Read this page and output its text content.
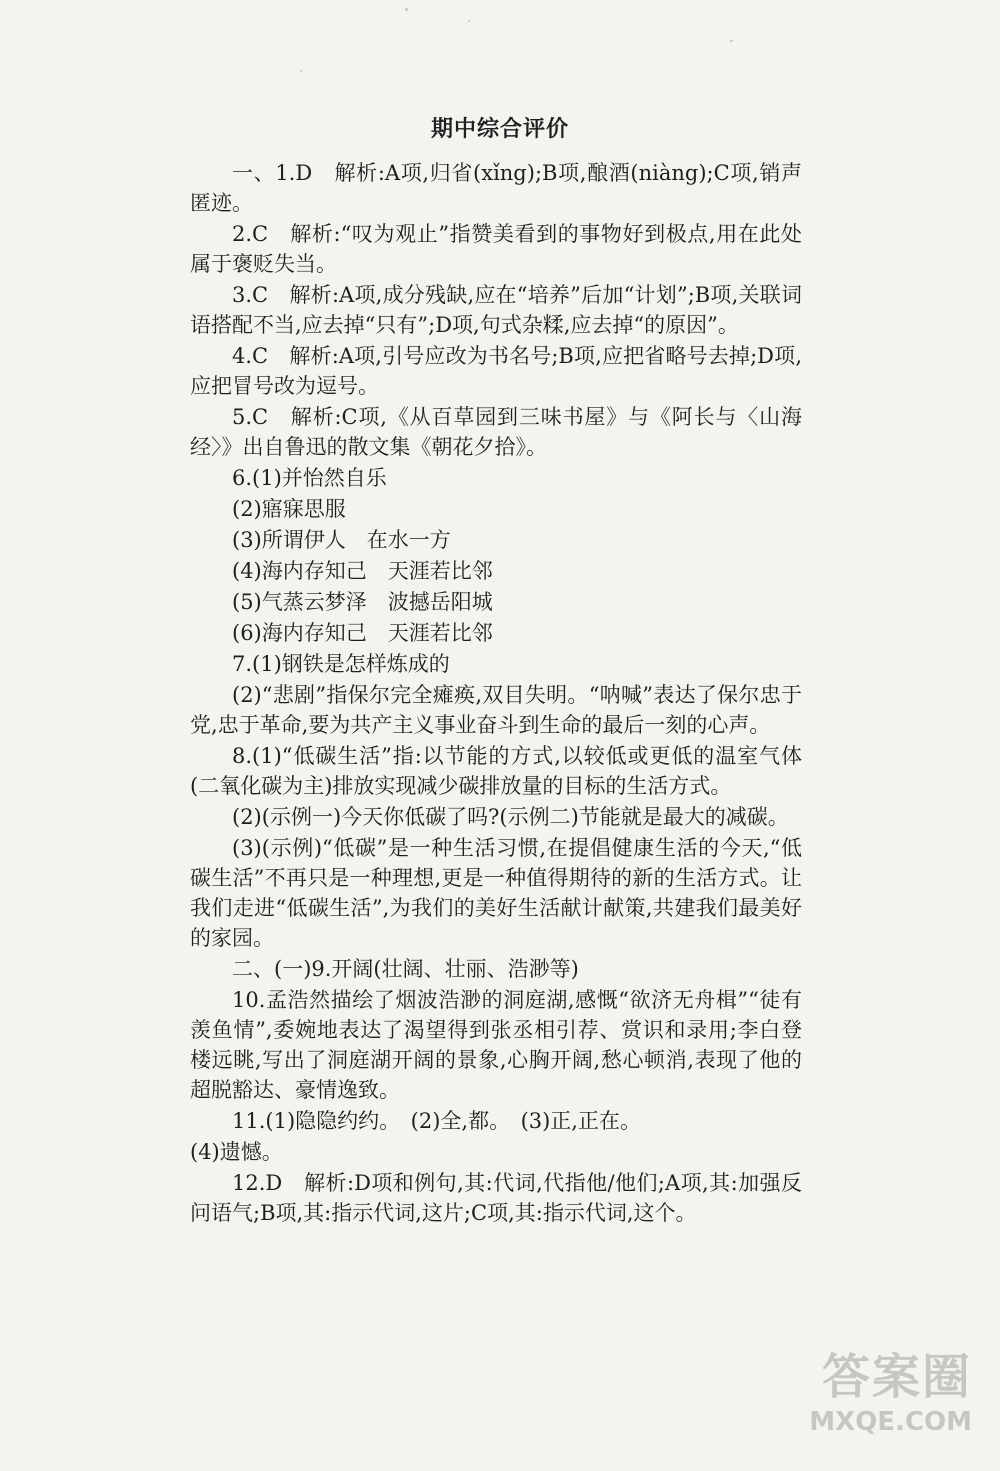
期中综合评价

一、1.D　解析:A项,归省(xǐng);B项,酿酒(niàng);C项,销声匿迹。

2.C　解析:“叹为观止”指赞美看到的事物好到极点,用在此处属于褒贬失当。

3.C　解析:A项,成分残缺,应在“培养”后加“计划”;B项,关联词语搭配不当,应去掉“只有”;D项,句式杂糅,应去掉“的原因”。

4.C　解析:A项,引号应改为书名号;B项,应把省略号去掉;D项,应把冒号改为逗号。

5.C　解析:C项,《从百草园到三味书屋》与《阿长与〈山海经〉》出自鲁迅的散文集《朝花夕拾》。

6.(1)并怡然自乐

(2)寤寐思服

(3)所谓伊人　在水一方

(4)海内存知己　天涯若比邻

(5)气蒸云梦泽　波撼岳阳城

(6)海内存知己　天涯若比邻

7.(1)钢铁是怎样炼成的

(2)“悲剧”指保尔完全瘫痪,双目失明。“呐喊”表达了保尔忠于党,忠于革命,要为共产主义事业奋斗到生命的最后一刻的心声。

8.(1)“低碳生活”指:以节能的方式,以较低或更低的温室气体(二氧化碳为主)排放实现减少碳排放量的目标的生活方式。

(2)(示例一)今天你低碳了吗?(示例二)节能就是最大的减碳。

(3)(示例)“低碳”是一种生活习惯,在提倡健康生活的今天,“低碳生活”不再只是一种理想,更是一种值得期待的新的生活方式。让我们走进“低碳生活”,为我们的美好生活献计献策,共建我们最美好的家园。

二、(一)9.开阔(壮阔、壮丽、浩渺等)

10.孟浩然描绘了烟波浩渺的洞庭湖,感慨“欲济无舟楫”“徒有羡鱼情”,委婉地表达了渴望得到张丞相引荐、赏识和录用;李白登楼远眺,写出了洞庭湖开阔的景象,心胸开阔,愁心顿消,表现了他的超脱豁达、豪情逸致。

11.(1)隐隐约约。　(2)全,都。　(3)正,正在。

(4)遗憾。

12.D　解析:D项和例句,其:代词,代指他/他们;A项,其:加强反问语气;B项,其:指示代词,这片;C项,其:指示代词,这个。

答案圈
MXQE.COM
